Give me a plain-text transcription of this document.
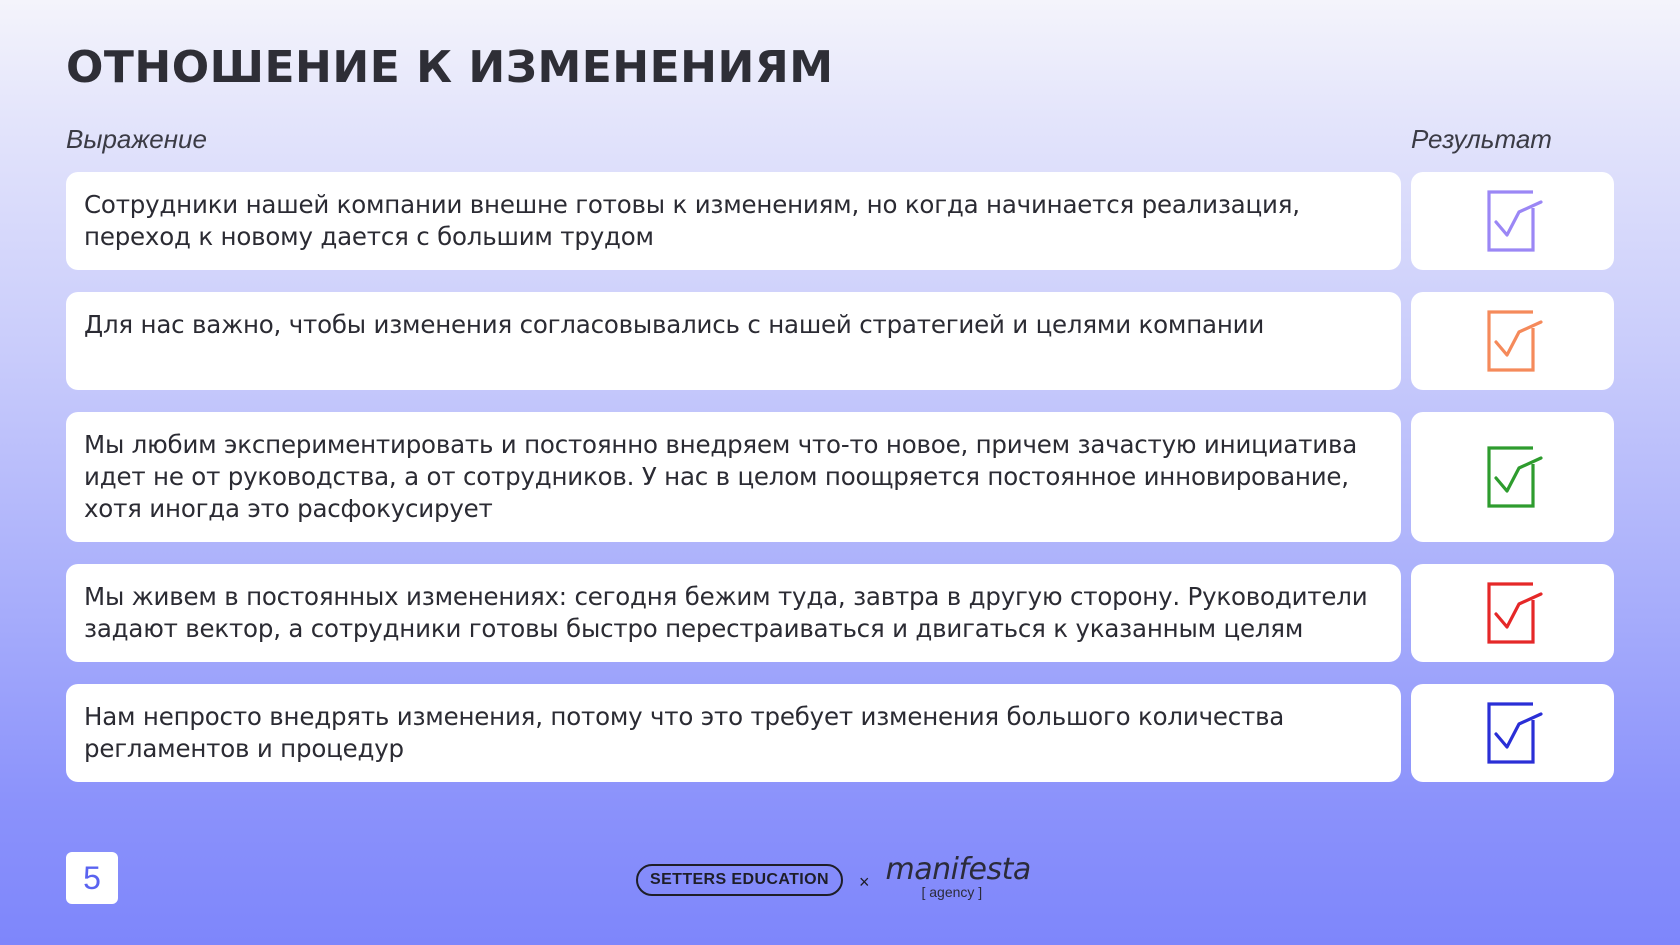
ОТНОШЕНИЕ К ИЗМЕНЕНИЯМ
Выражение	Результат
Сотрудники нашей компании внешне готовы к изменениям, но когда начинается реализация, переход к новому дается с большим трудом
Для нас важно, чтобы изменения согласовывались с нашей стратегией и целями компании
Мы любим экспериментировать и постоянно внедряем что-то новое, причем зачастую инициатива идет не от руководства, а от сотрудников. У нас в целом поощряется постоянное инновирование, хотя иногда это расфокусирует
Мы живем в постоянных изменениях: сегодня бежим туда, завтра в другую сторону. Руководители задают вектор, а сотрудники готовы быстро перестраиваться и двигаться к указанным целям
Нам непросто внедрять изменения, потому что это требует изменения большого количества регламентов и процедур
5	SETTERS EDUCATION	× manifesta
[ agency ]
